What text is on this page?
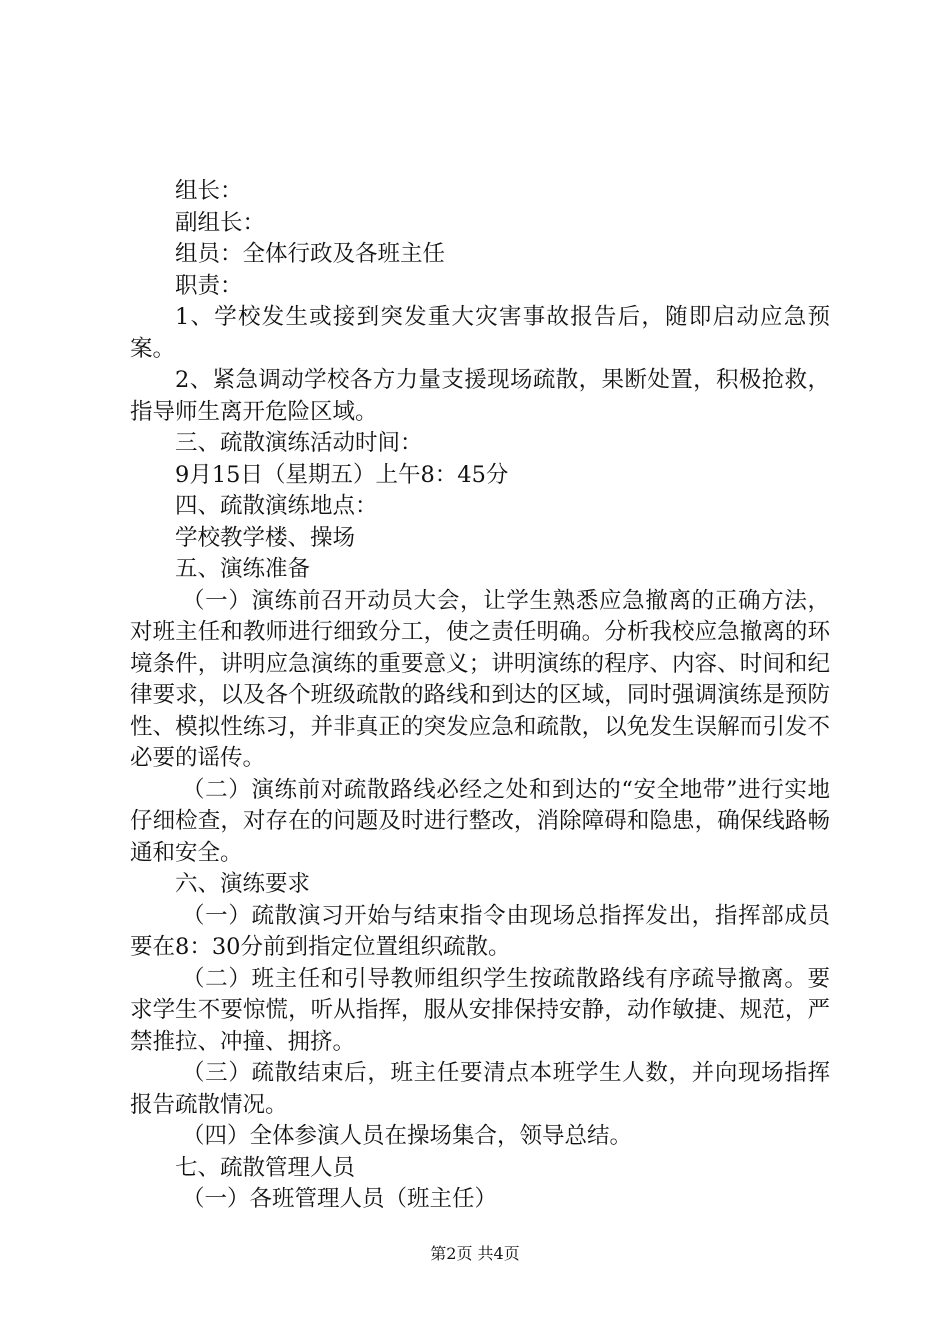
组长：

副组长：

组员：全体行政及各班主任

职责：

1、学校发生或接到突发重大灾害事故报告后，随即启动应急预案。

2、紧急调动学校各方力量支援现场疏散，果断处置，积极抢救，指导师生离开危险区域。

三、疏散演练活动时间：

9月15日（星期五）上午8：45分

四、疏散演练地点：

学校教学楼、操场

五、演练准备

（一）演练前召开动员大会，让学生熟悉应急撤离的正确方法，对班主任和教师进行细致分工，使之责任明确。分析我校应急撤离的环境条件，讲明应急演练的重要意义；讲明演练的程序、内容、时间和纪律要求，以及各个班级疏散的路线和到达的区域，同时强调演练是预防性、模拟性练习，并非真正的突发应急和疏散，以免发生误解而引发不必要的谣传。

（二）演练前对疏散路线必经之处和到达的“安全地带”进行实地仔细检查，对存在的问题及时进行整改，消除障碍和隐患，确保线路畅通和安全。

六、演练要求

（一）疏散演习开始与结束指令由现场总指挥发出，指挥部成员要在8：30分前到指定位置组织疏散。

（二）班主任和引导教师组织学生按疏散路线有序疏导撤离。要求学生不要惊慌，听从指挥，服从安排保持安静，动作敏捷、规范，严禁推拉、冲撞、拥挤。

（三）疏散结束后，班主任要清点本班学生人数，并向现场指挥报告疏散情况。

（四）全体参演人员在操场集合，领导总结。

七、疏散管理人员

（一）各班管理人员（班主任）

第2页 共4页
